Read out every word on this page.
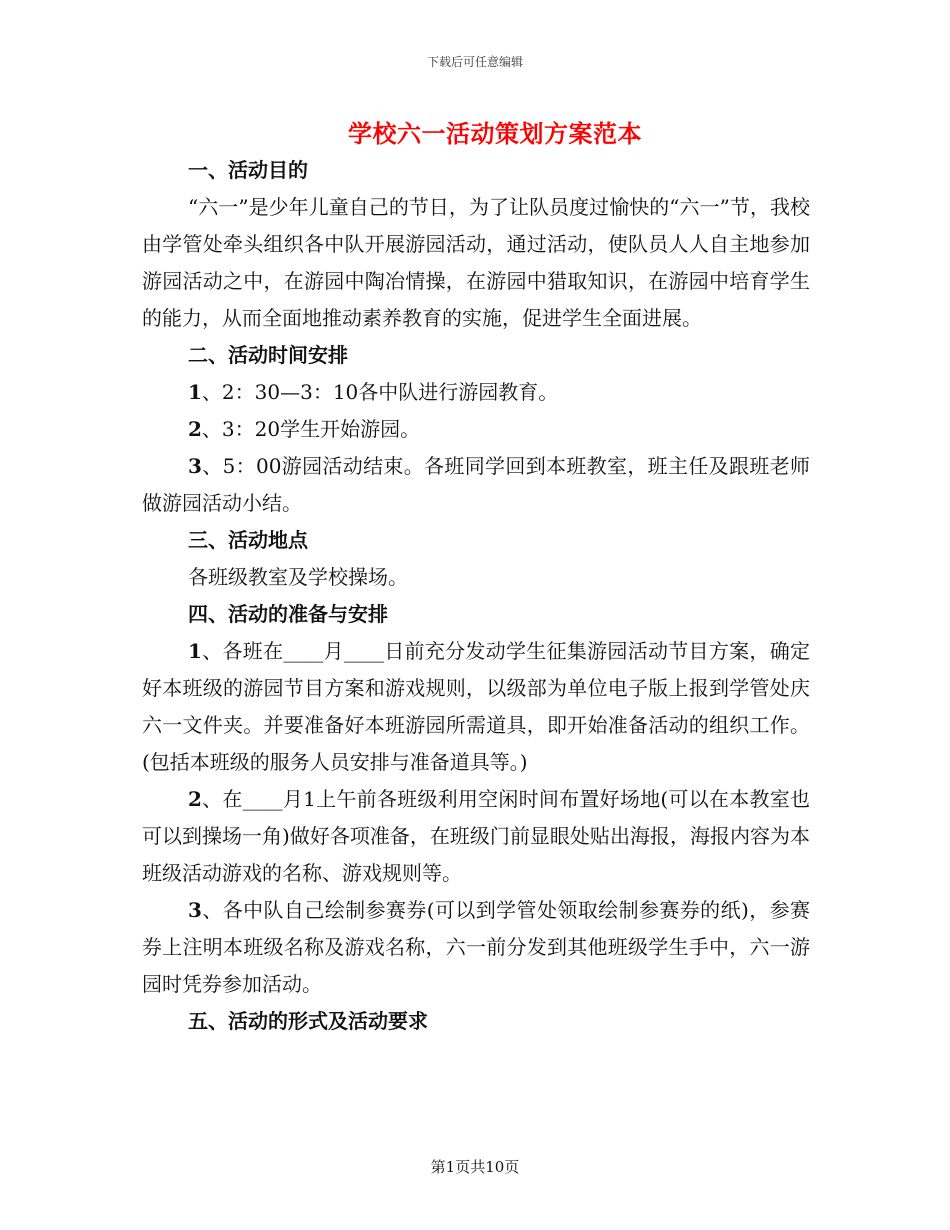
下载后可任意编辑
学校六一活动策划方案范本

一、活动目的

“六一”是少年儿童自己的节日，为了让队员度过愉快的“六一”节，我校由学管处牵头组织各中队开展游园活动，通过活动，使队员人人自主地参加游园活动之中，在游园中陶冶情操，在游园中猎取知识，在游园中培育学生的能力，从而全面地推动素养教育的实施，促进学生全面进展。

二、活动时间安排

1、2：30—3：10各中队进行游园教育。

2、3：20学生开始游园。

3、5：00游园活动结束。各班同学回到本班教室，班主任及跟班老师做游园活动小结。

三、活动地点

各班级教室及学校操场。

四、活动的准备与安排

1、各班在____月____日前充分发动学生征集游园活动节目方案，确定好本班级的游园节目方案和游戏规则，以级部为单位电子版上报到学管处庆六一文件夹。并要准备好本班游园所需道具，即开始准备活动的组织工作。(包括本班级的服务人员安排与准备道具等。)

2、在____月1上午前各班级利用空闲时间布置好场地(可以在本教室也可以到操场一角)做好各项准备，在班级门前显眼处贴出海报，海报内容为本班级活动游戏的名称、游戏规则等。

3、各中队自己绘制参赛券(可以到学管处领取绘制参赛券的纸)，参赛券上注明本班级名称及游戏名称，六一前分发到其他班级学生手中，六一游园时凭券参加活动。

五、活动的形式及活动要求

第1页共10页
